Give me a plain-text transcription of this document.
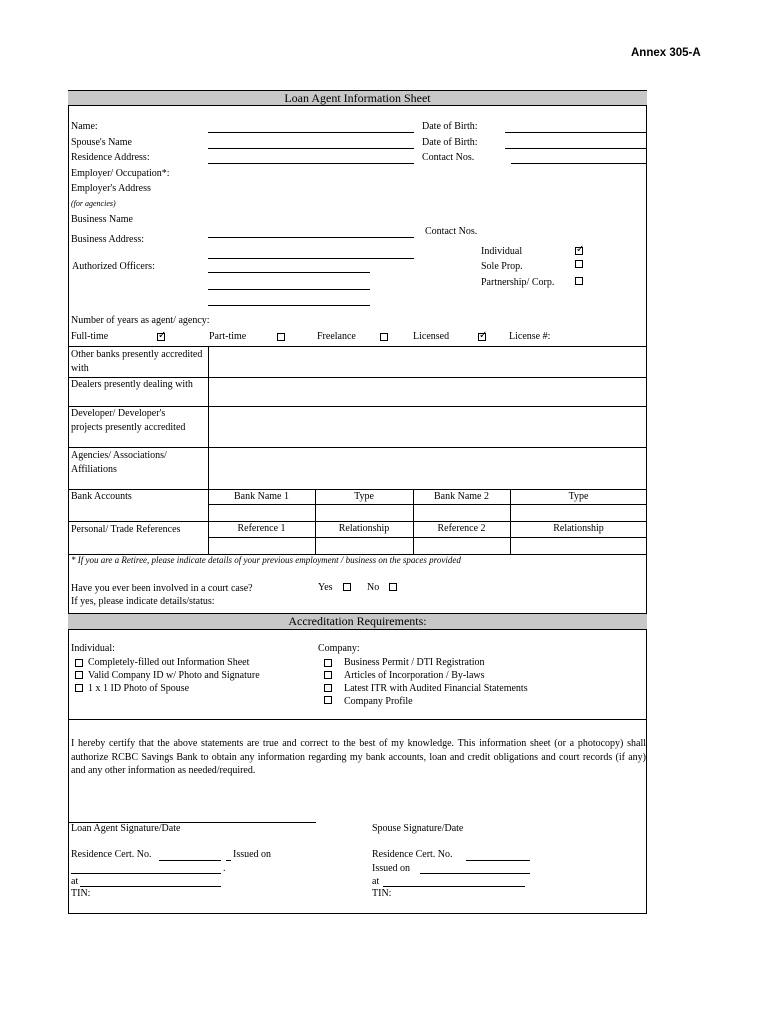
Annex 305-A
Loan Agent Information Sheet
Name:	Date of Birth:
Spouse's Name	Date of Birth:
Residence Address:	Contact Nos.
Employer/ Occupation*:
Employer's Address
(for agencies)
Business Name
Business Address:
Contact Nos.
Individual
✓
Sole Prop.
Partnership/ Corp.
Authorized Officers:
Number of years as agent/ agency:
Full-time ✓	Part-time	Freelance	Licensed ✓	License #:
Other banks presently accredited with
Dealers presently dealing with
Developer/ Developer's projects presently accredited
Agencies/ Associations/ Affiliations
Bank Accounts	Bank Name 1	Type	Bank Name 2	Type
Personal/ Trade References	Reference 1	Relationship	Reference 2	Relationship
* If you are a Retiree, please indicate details of your previous employment / business on the spaces provided
Have you ever been involved in a court case?	Yes	No
If yes, please indicate details/status:
Accreditation Requirements:
Individual:
Completely-filled out Information Sheet
Valid Company ID w/ Photo and Signature
1 x 1 ID Photo of Spouse
Company:
Business Permit / DTI Registration
Articles of Incorporation / By-laws
Latest ITR with Audited Financial Statements
Company Profile
I hereby certify that the above statements are true and correct to the best of my knowledge. This information sheet (or a photocopy) shall authorize RCBC Savings Bank to obtain any information regarding my bank accounts, loan and credit obligations and court records (if any) and any other information as needed/required.
Loan Agent Signature/Date	Spouse Signature/Date
Residence Cert. No.	Issued on
.
at
TIN:
Residence Cert. No.
Issued on
at
TIN:
